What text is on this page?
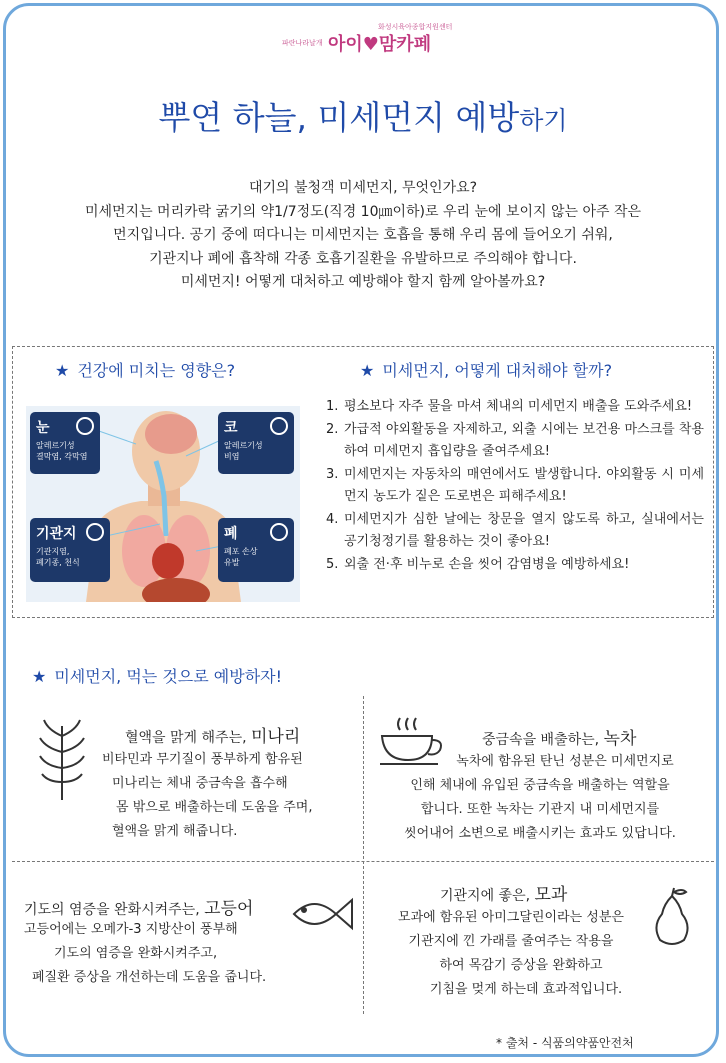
파란나라날개 아이♥맘카페
화성시육아종합지원센터
뿌연 하늘, 미세먼지 예방하기
대기의 불청객 미세먼지, 무엇인가요?
미세먼지는 머리카락 굵기의 약1/7정도(직경 10㎛이하)로 우리 눈에 보이지 않는 아주 작은
먼지입니다. 공기 중에 떠다니는 미세먼지는 호흡을 통해 우리 몸에 들어오기 쉬워,
기관지나 폐에 흡착해 각종 호흡기질환을 유발하므로 주의해야 합니다.
미세먼지! 어떻게 대처하고 예방해야 할지 함께 알아볼까요?
★ 건강에 미치는 영향은?	★ 미세먼지, 어떻게 대처해야 할까?
눈
알레르기성
결막염, 각막염
코
알레르기성
비염
기관지
기관지염,
폐기종, 천식
폐
폐포 손상
유발
1. 평소보다 자주 물을 마셔 체내의 미세먼지 배출을 도와주세요!
2. 가급적 야외활동을 자제하고, 외출 시에는 보건용 마스크를 착용하여 미세먼지 흡입량을 줄여주세요!
3. 미세먼지는 자동차의 매연에서도 발생합니다. 야외활동 시 미세먼지 농도가 짙은 도로변은 피해주세요!
4. 미세먼지가 심한 날에는 창문을 열지 않도록 하고, 실내에서는 공기청정기를 활용하는 것이 좋아요!
5. 외출 전·후 비누로 손을 씻어 감염병을 예방하세요!
★ 미세먼지, 먹는 것으로 예방하자!
혈액을 맑게 해주는, 미나리
비타민과 무기질이 풍부하게 함유된
미나리는 체내 중금속을 흡수해
몸 밖으로 배출하는데 도움을 주며,
혈액을 맑게 해줍니다.
중금속을 배출하는, 녹차
녹차에 함유된 탄닌 성분은 미세먼지로
인해 체내에 유입된 중금속을 배출하는 역할을
합니다. 또한 녹차는 기관지 내 미세먼지를
씻어내어 소변으로 배출시키는 효과도 있답니다.
기도의 염증을 완화시켜주는, 고등어
고등어에는 오메가-3 지방산이 풍부해
기도의 염증을 완화시켜주고,
폐질환 증상을 개선하는데 도움을 줍니다.
기관지에 좋은, 모과
모과에 함유된 아미그달린이라는 성분은
기관지에 낀 가래를 줄여주는 작용을
하여 목감기 증상을 완화하고
기침을 멎게 하는데 효과적입니다.
* 출처 - 식품의약품안전처
